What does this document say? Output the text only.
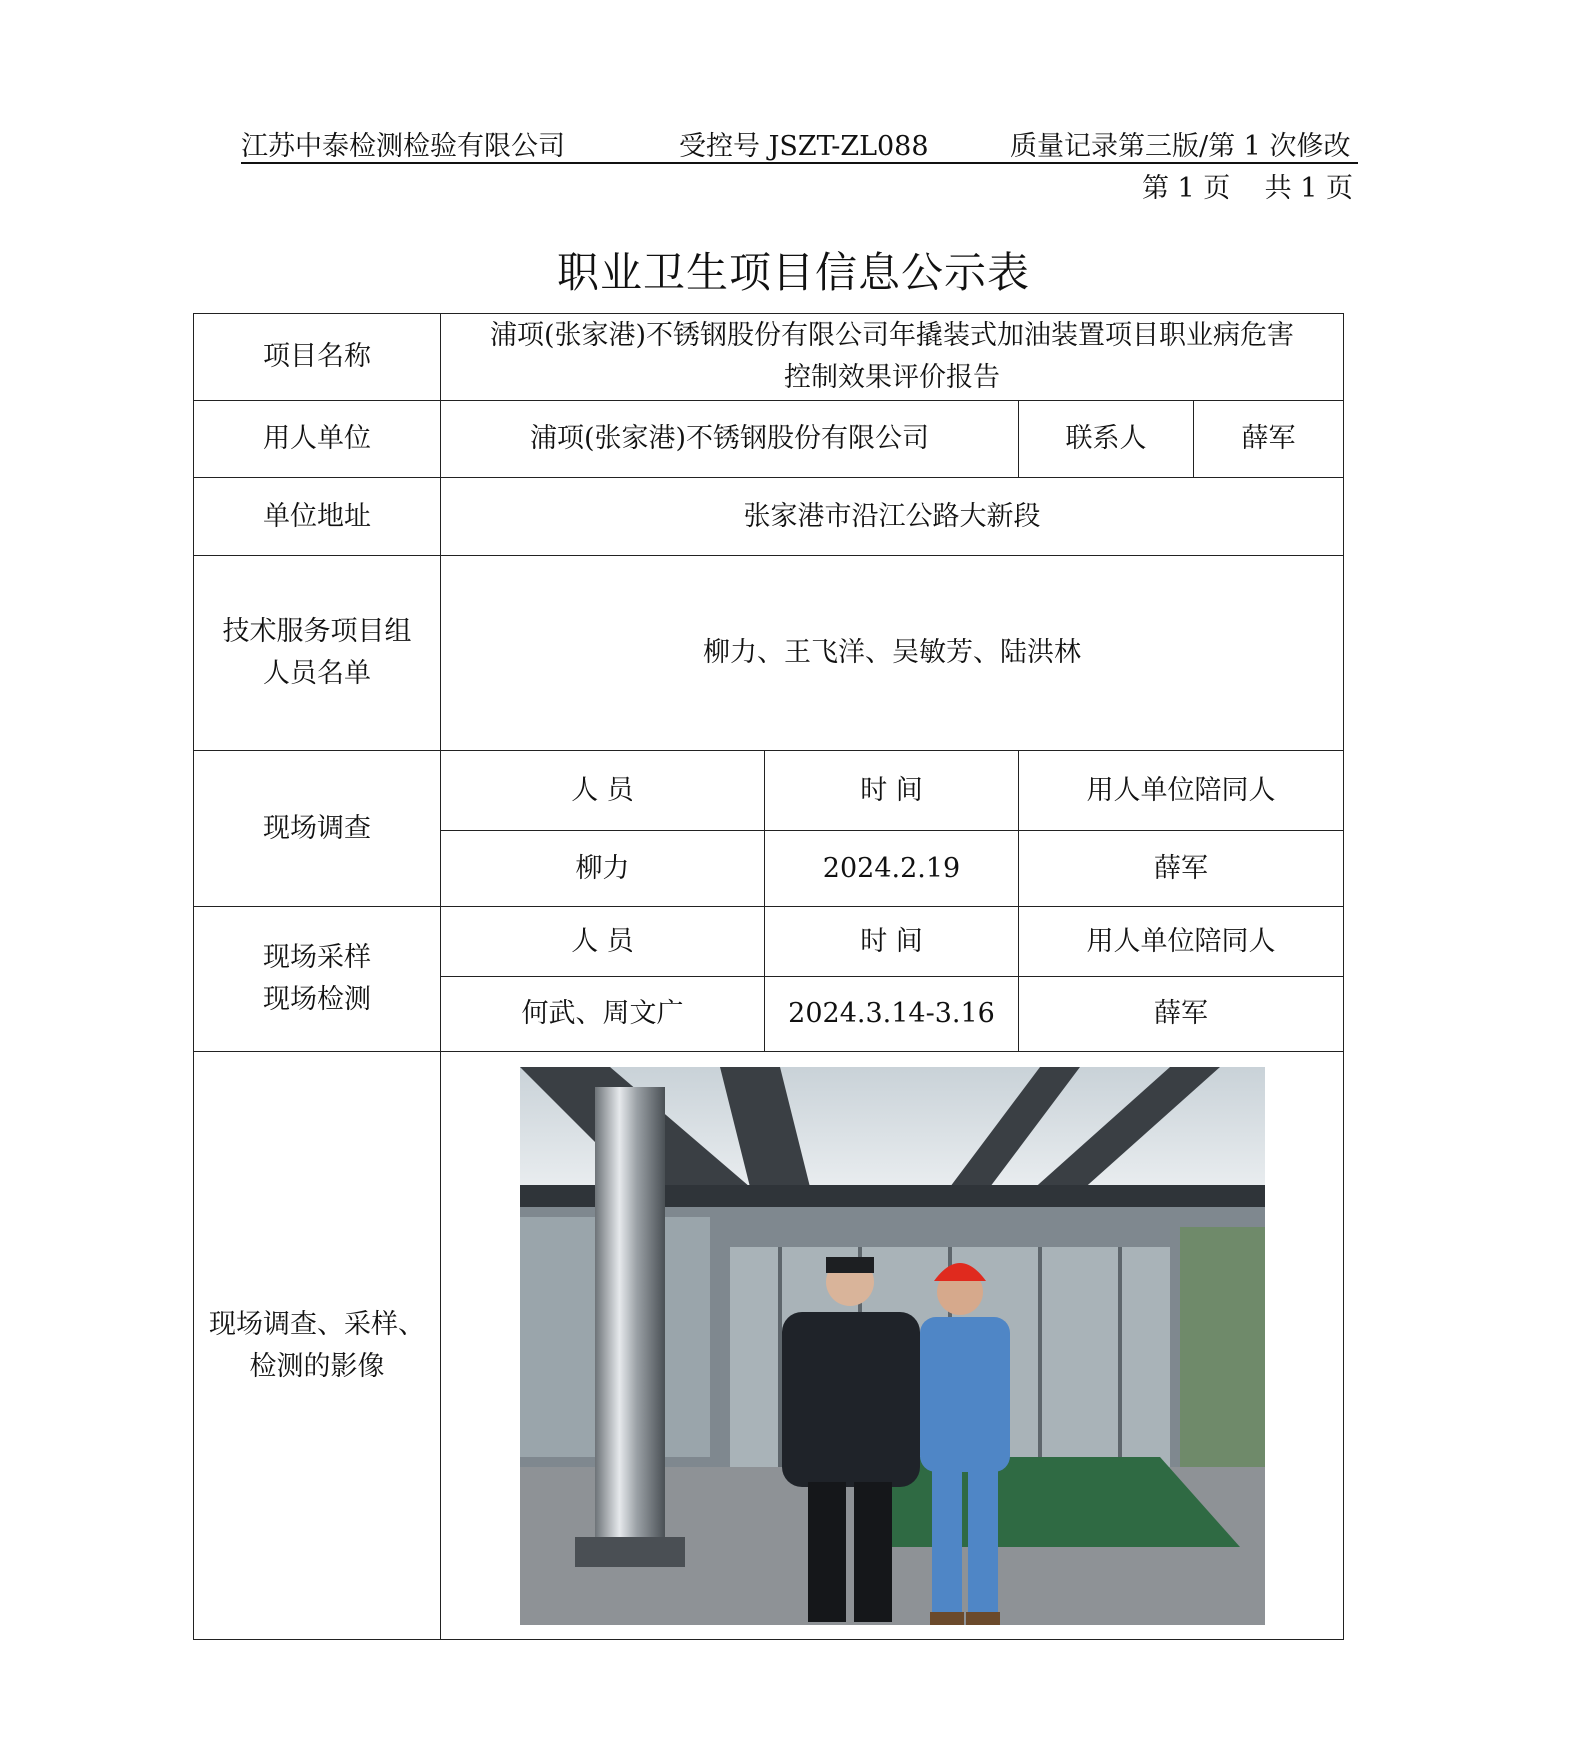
江苏中泰检测检验有限公司	受控号 JSZT-ZL088	质量记录第三版/第 1 次修改
第 1 页 共 1 页
职业卫生项目信息公示表
项目名称	浦项(张家港)不锈钢股份有限公司年撬装式加油装置项目职业病危害
控制效果评价报告			

用人单位	浦项(张家港)不锈钢股份有限公司		联系人	薛军
单位地址	张家港市沿江公路大新段			

技术服务项目组
人员名单	柳力、王飞洋、吴敏芳、陆洪林			
现场调查	人 员	时 间	用人单位陪同人	
	柳力	2024.2.19	薛军	

现场采样
现场检测	人 员	时 间	用人单位陪同人	
	何武、周文广	2024.3.14-3.16	薛军	

现场调查、采样、
检测的影像
